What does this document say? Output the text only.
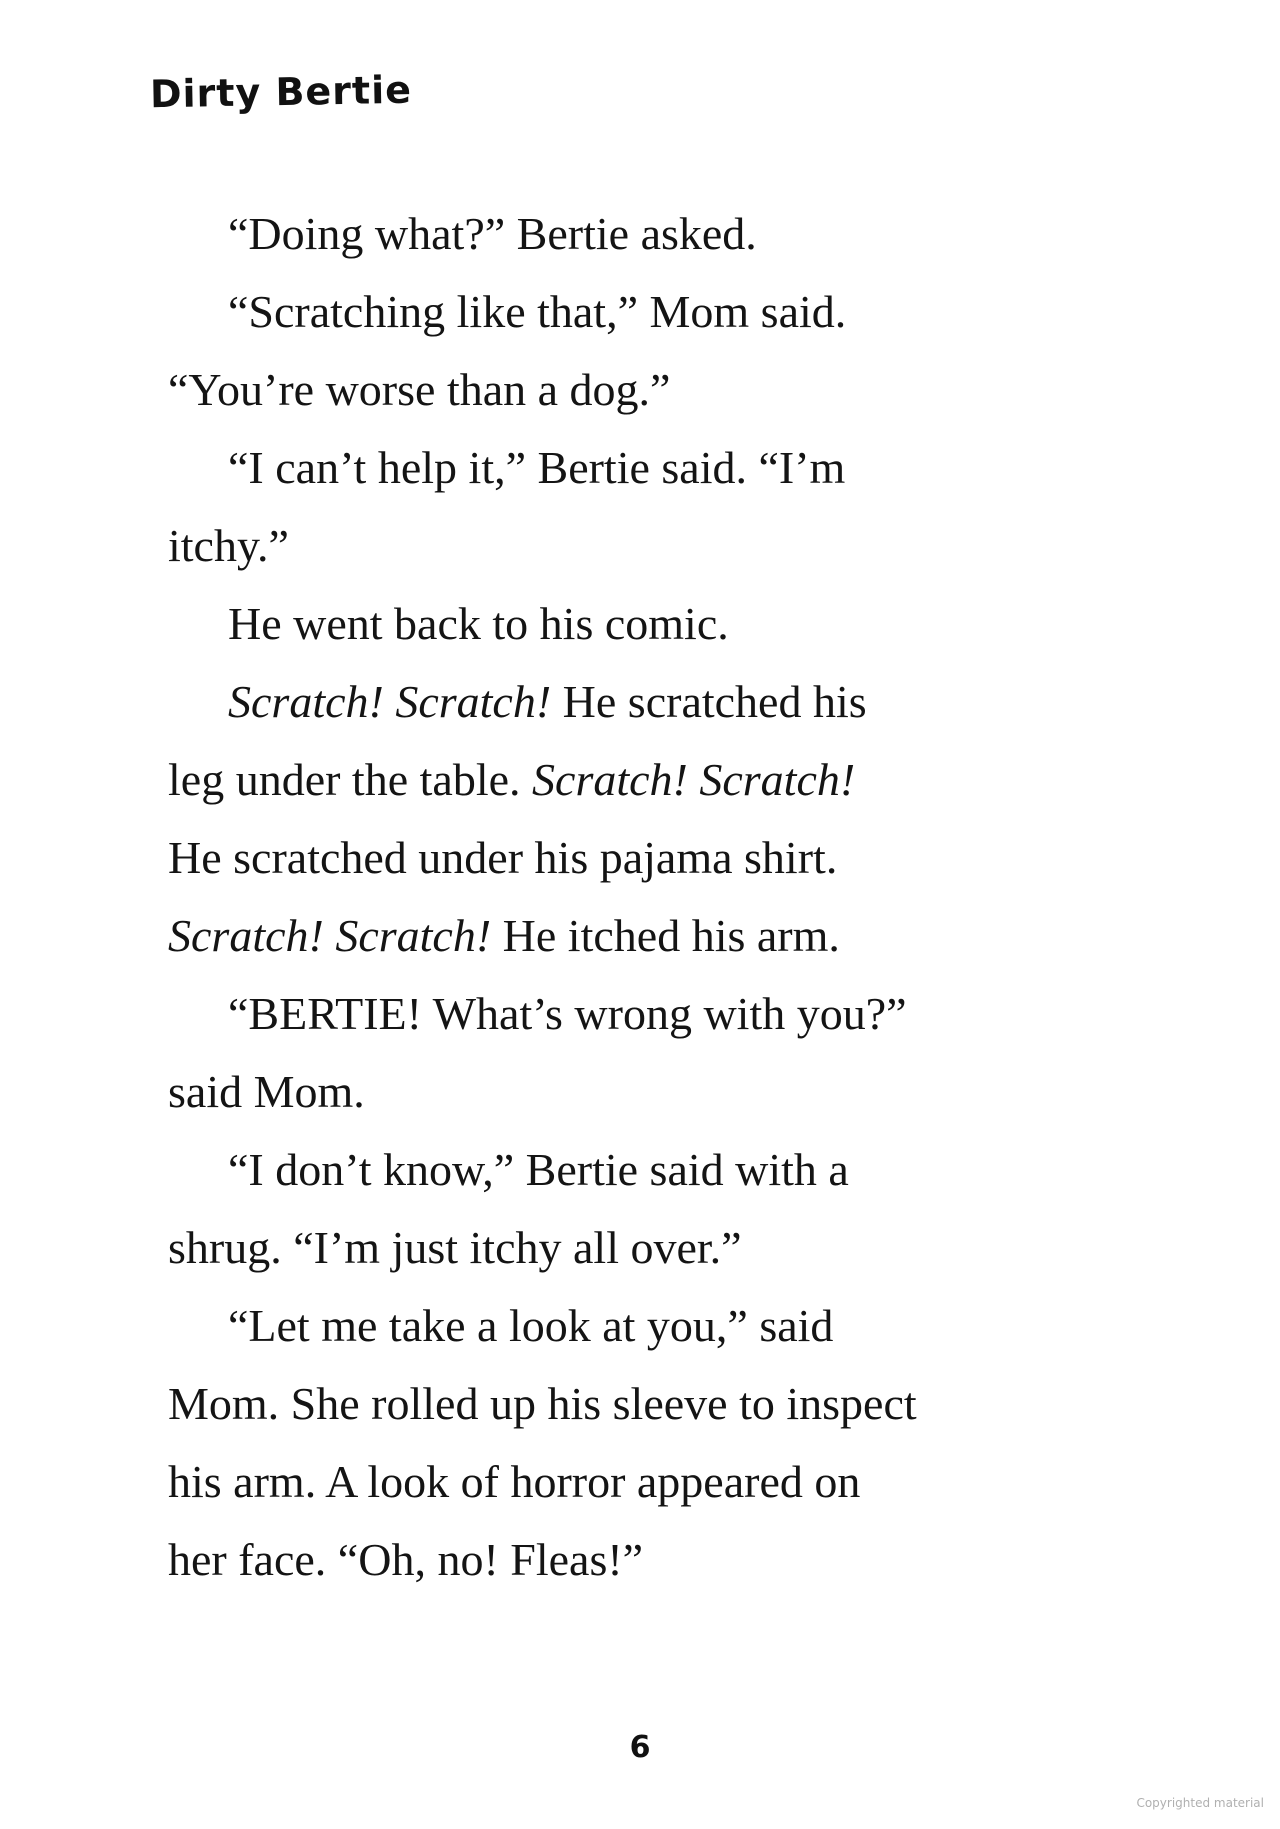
Dirty Bertie
“Doing what?” Bertie asked.
“Scratching like that,” Mom said.
“You’re worse than a dog.”
“I can’t help it,” Bertie said. “I’m
itchy.”
He went back to his comic.
Scratch! Scratch! He scratched his
leg under the table. Scratch! Scratch!
He scratched under his pajama shirt.
Scratch! Scratch! He itched his arm.
“BERTIE! What’s wrong with you?”
said Mom.
“I don’t know,” Bertie said with a
shrug. “I’m just itchy all over.”
“Let me take a look at you,” said
Mom. She rolled up his sleeve to inspect
his arm. A look of horror appeared on
her face. “Oh, no! Fleas!”
6
Copyrighted material
